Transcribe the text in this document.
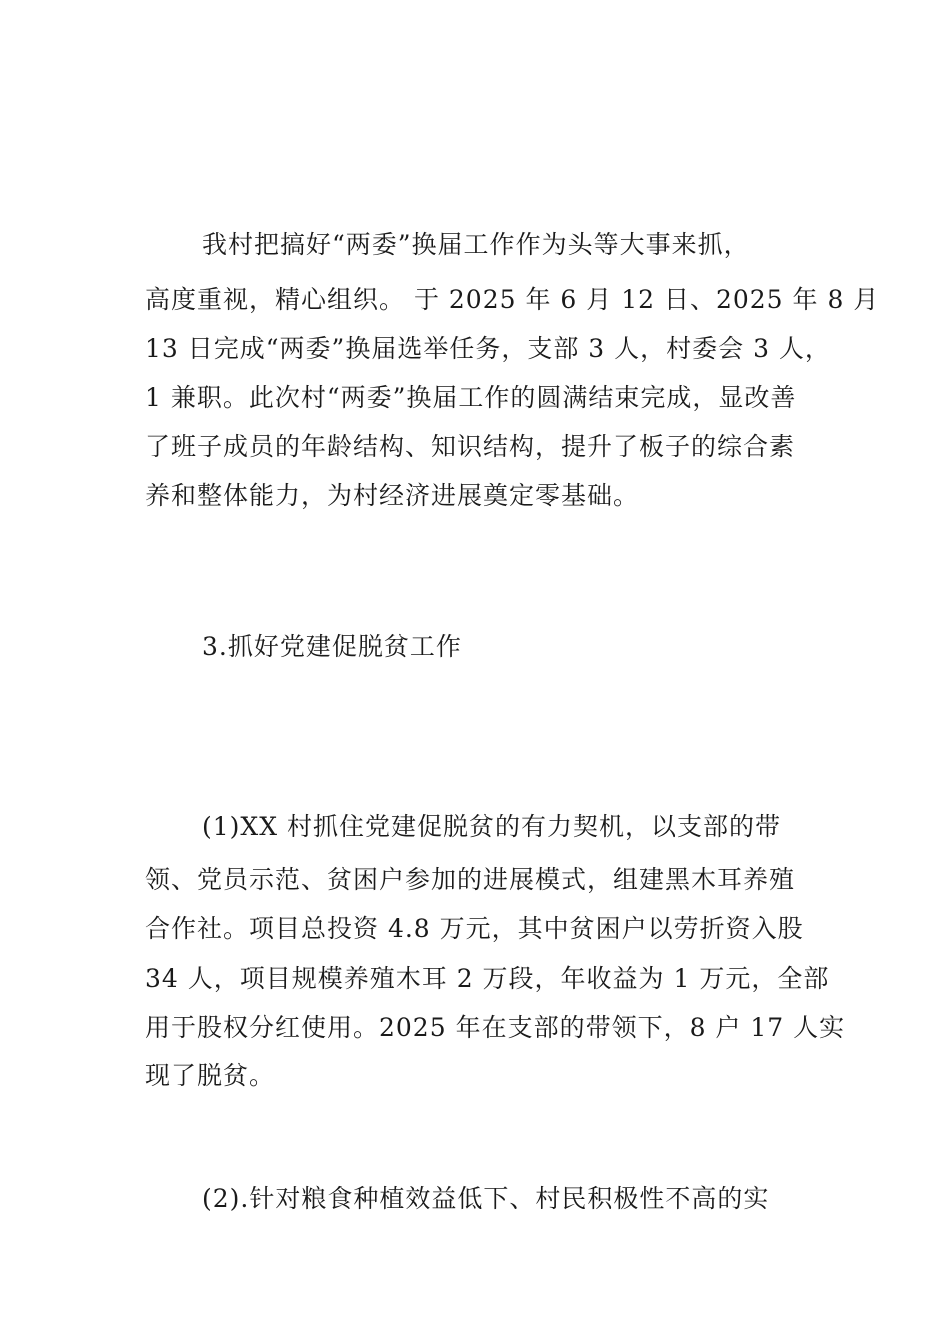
我村把搞好“两委”换届工作作为头等大事来抓，
高度重视，精心组织。 于 2025 年 6 月 12 日、2025 年 8 月
13 日完成“两委”换届选举任务，支部 3 人，村委会 3 人，
1 兼职。此次村“两委”换届工作的圆满结束完成，显改善
了班子成员的年龄结构、知识结构，提升了板子的综合素
养和整体能力，为村经济进展奠定零基础。
3.抓好党建促脱贫工作
(1)XX 村抓住党建促脱贫的有力契机，以支部的带
领、党员示范、贫困户参加的进展模式，组建黑木耳养殖
合作社。项目总投资 4.8 万元，其中贫困户以劳折资入股
34 人，项目规模养殖木耳 2 万段，年收益为 1 万元，全部
用于股权分红使用。2025 年在支部的带领下，8 户 17 人实
现了脱贫。
(2).针对粮食种植效益低下、村民积极性不高的实
